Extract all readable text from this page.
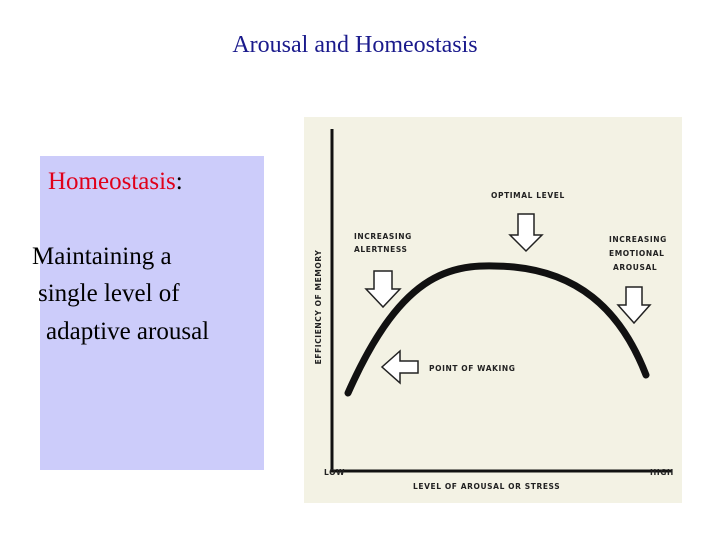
Arousal and Homeostasis
Homeostasis:
Maintaining a
single level of
adaptive arousal	EFFICIENCY OF MEMORY
OPTIMAL LEVEL
INCREASING
ALERTNESS
INCREASING
EMOTIONAL
AROUSAL
POINT OF WAKING
LOW	HIGH
LEVEL OF AROUSAL OR STRESS
